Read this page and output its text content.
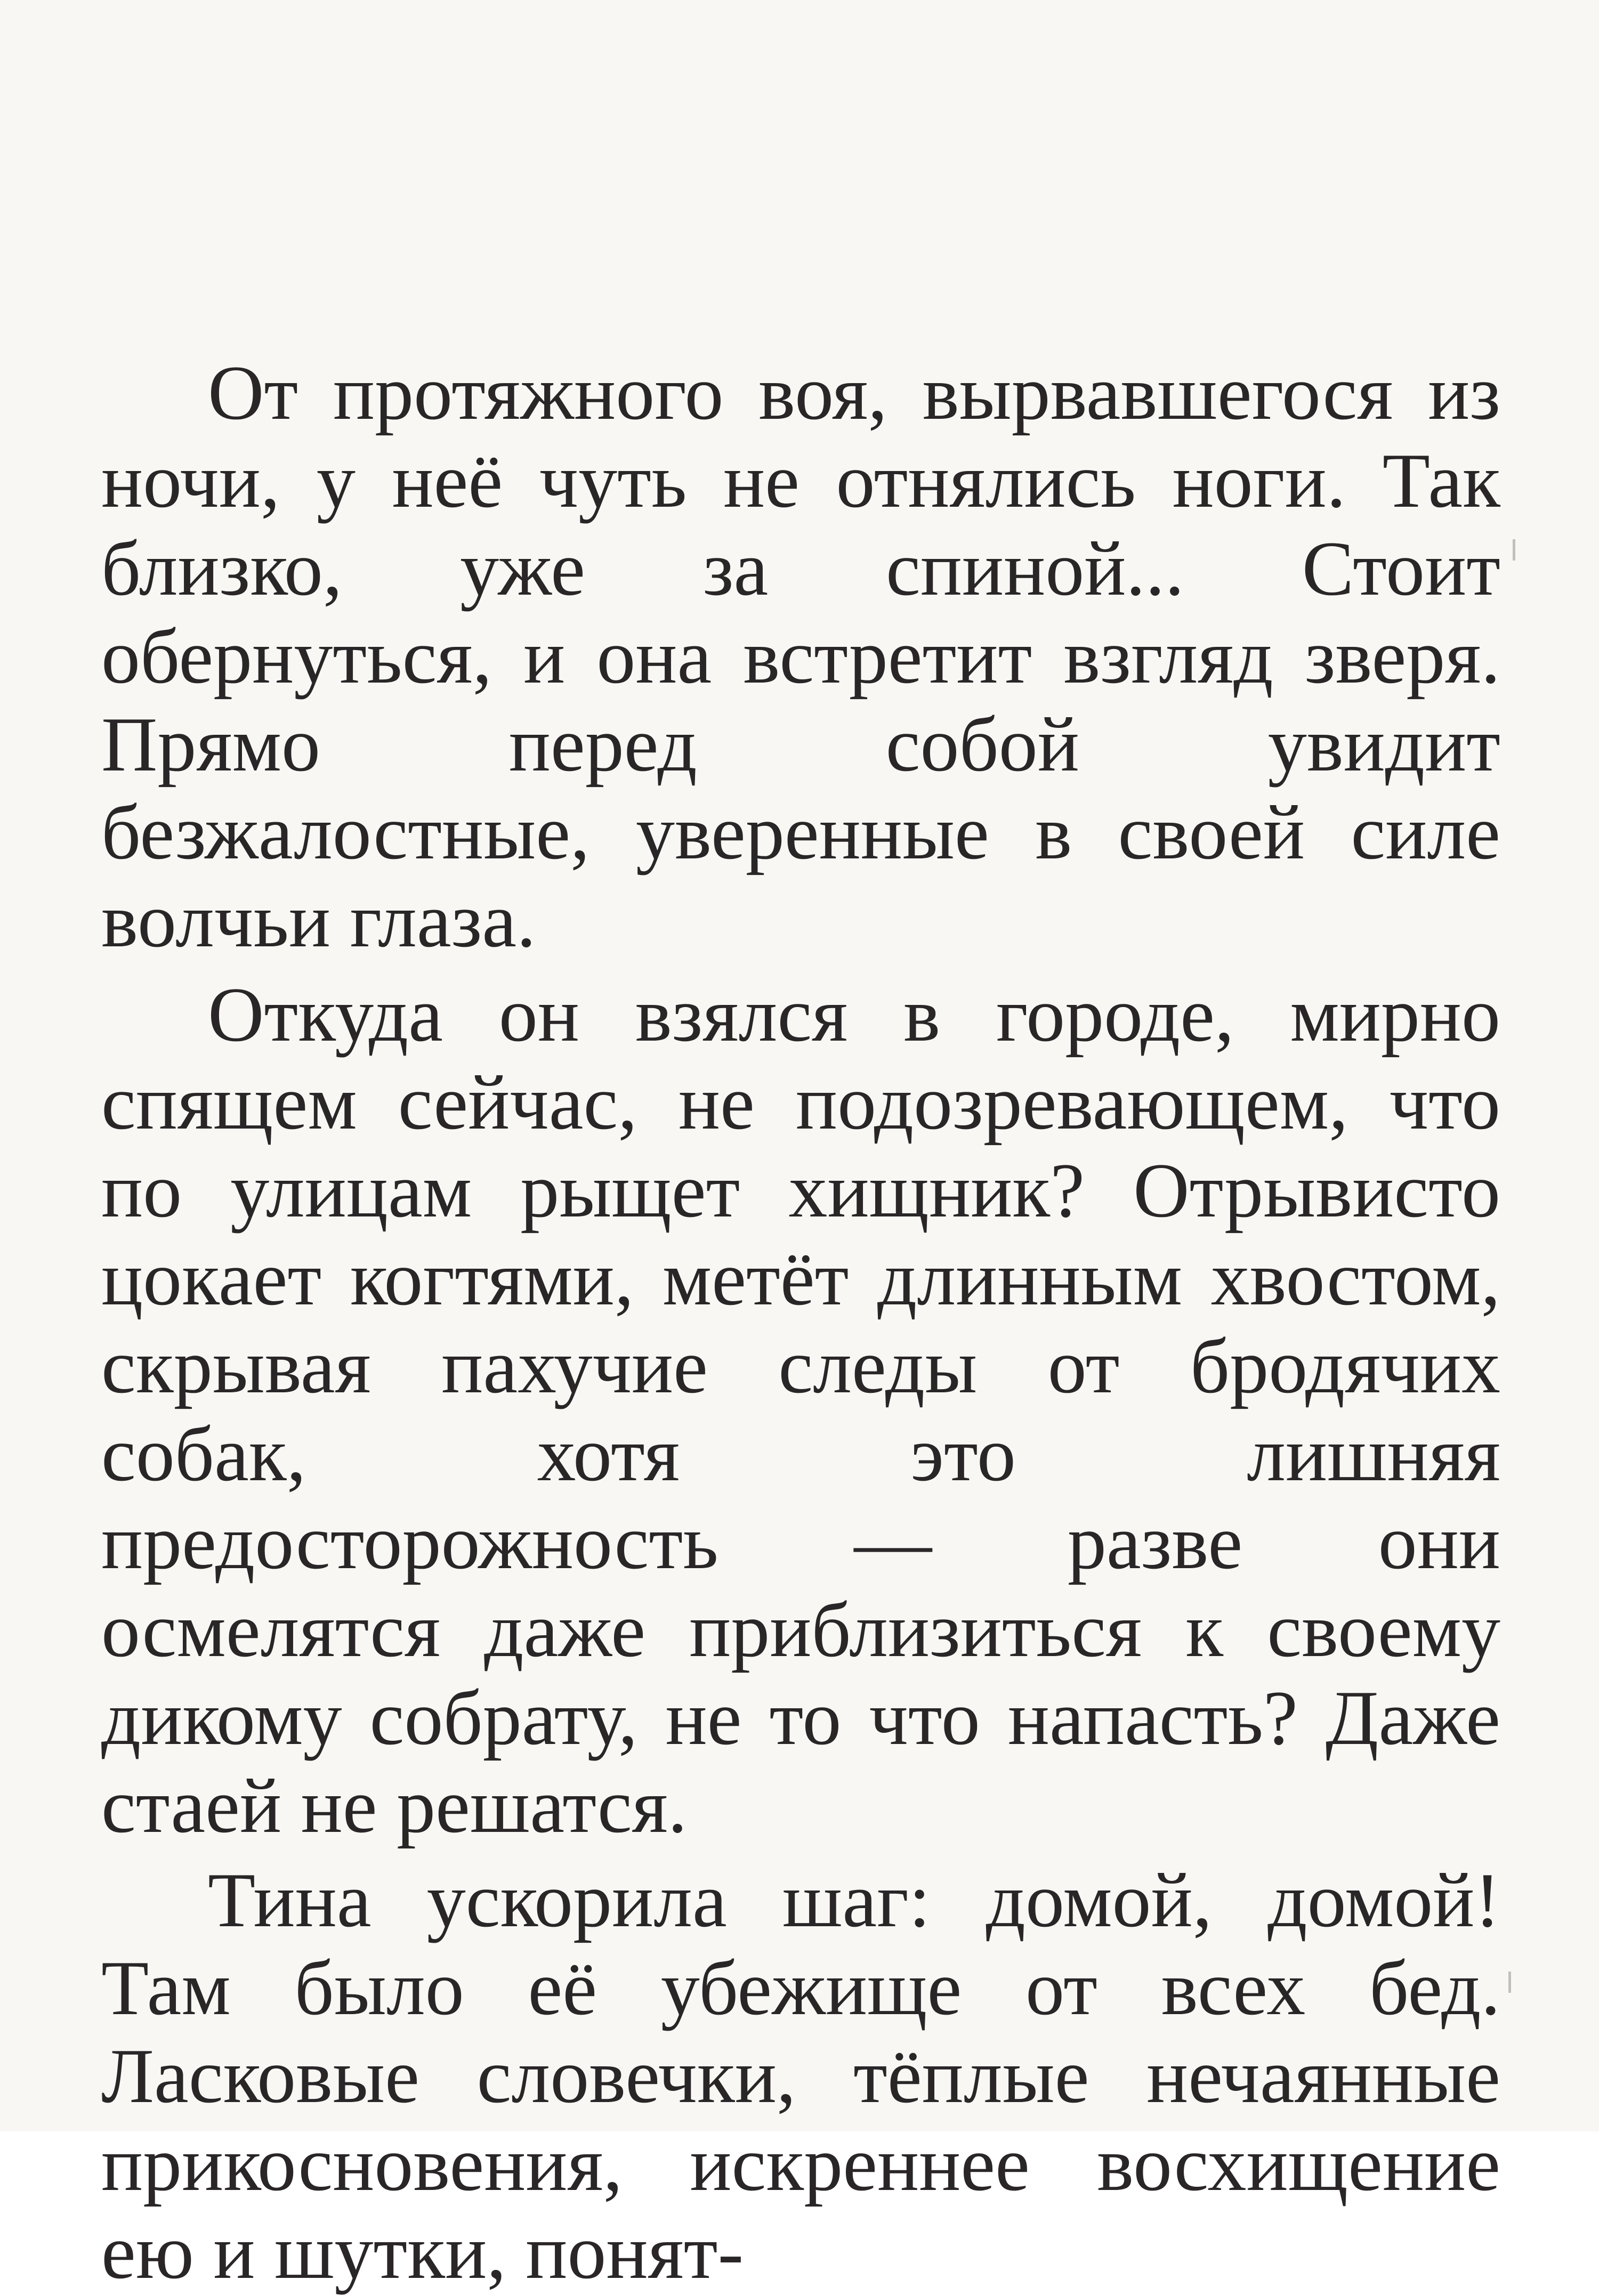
От протяжного воя, вырвавшегося из ночи, у неё чуть не отнялись ноги. Так близко, уже за спиной... Стоит обернуться, и она встретит взгляд зверя. Прямо перед собой увидит безжалостные, уверенные в своей силе волчьи глаза.

Откуда он взялся в городе, мирно спящем сейчас, не подозревающем, что по улицам рыщет хищник? Отрывисто цокает когтями, метёт длинным хвостом, скрывая пахучие следы от бродячих собак, хотя это лишняя предосторожность — разве они осмелятся даже приблизиться к своему дикому собрату, не то что напасть? Даже стаей не решатся.

Тина ускорила шаг: домой, домой! Там было её убежище от всех бед. Ласковые словечки, тёплые нечаянные прикосновения, искреннее восхищение ею и шутки, понят-
